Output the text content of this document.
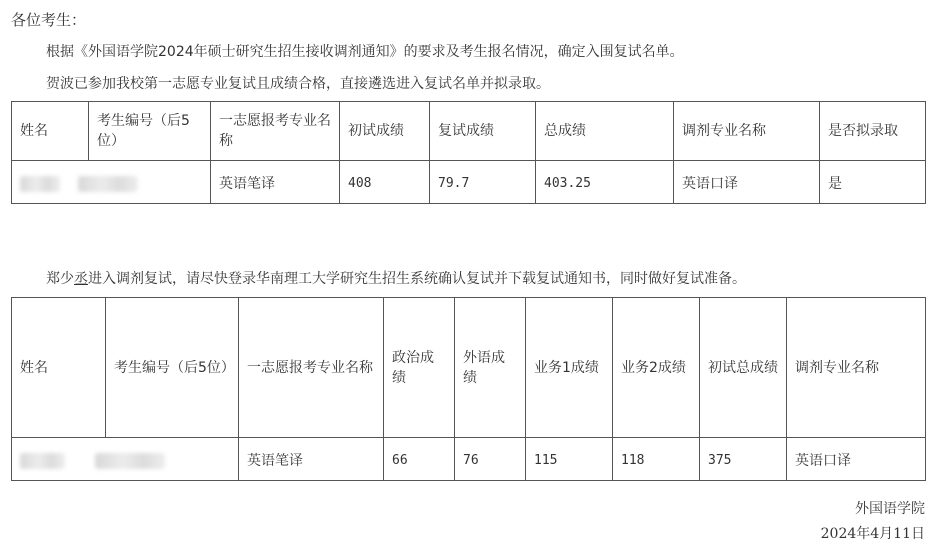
各位考生：
根据《外国语学院2024年硕士研究生招生接收调剂通知》的要求及考生报名情况，确定入围复试名单。
贺波已参加我校第一志愿专业复试且成绩合格，直接遴选进入复试名单并拟录取。
姓名	考生编号（后5位）	一志愿报考专业名称	初试成绩	复试成绩	总成绩	调剂专业名称	是否拟录取
		英语笔译	408	79.7	403.25	英语口译	是
郑少丞进入调剂复试，请尽快登录华南理工大学研究生招生系统确认复试并下载复试通知书，同时做好复试准备。
姓名	考生编号（后5位）	一志愿报考专业名称	政治成绩	外语成绩	业务1成绩	业务2成绩	初试总成绩	调剂专业名称
		英语笔译	66	76	115	118	375	英语口译
外国语学院
2024年4月11日
